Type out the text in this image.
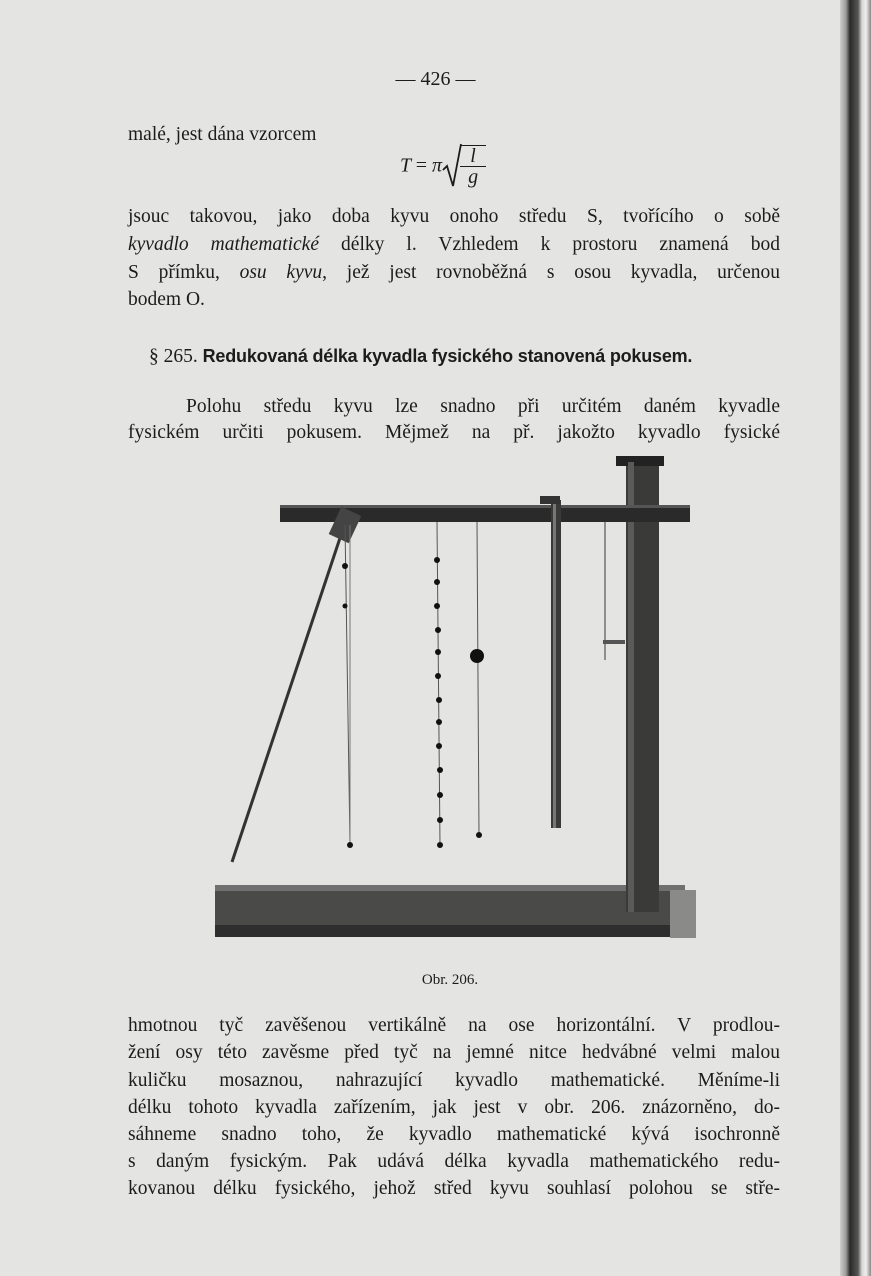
— 426 —
malé, jest dána vzorcem
T = π $\frac{l}{g}$
jsouc takovou, jako doba kyvu onoho středu S, tvořícího o sobě
kyvadlo mathematické délky l. Vzhledem k prostoru znamená bod
S přímku, osu kyvu, jež jest rovnoběžná s osou kyvadla, určenou
bodem O.
§ 265. Redukovaná délka kyvadla fysického stanovená pokusem.
Polohu středu kyvu lze snadno při určitém daném kyvadle
fysickém určiti pokusem. Mějmež na př. jakožto kyvadlo fysické
Obr. 206.
hmotnou tyč zavěšenou vertikálně na ose horizontální. V prodlou-
žení osy této zavěsme před tyč na jemné nitce hedvábné velmi malou
kuličku mosaznou, nahrazující kyvadlo mathematické. Měníme-li
délku tohoto kyvadla zařízením, jak jest v obr. 206. znázorněno, do-
sáhneme snadno toho, že kyvadlo mathematické kývá isochronně
s daným fysickým. Pak udává délka kyvadla mathematického redu-
kovanou délku fysického, jehož střed kyvu souhlasí polohou se stře-
